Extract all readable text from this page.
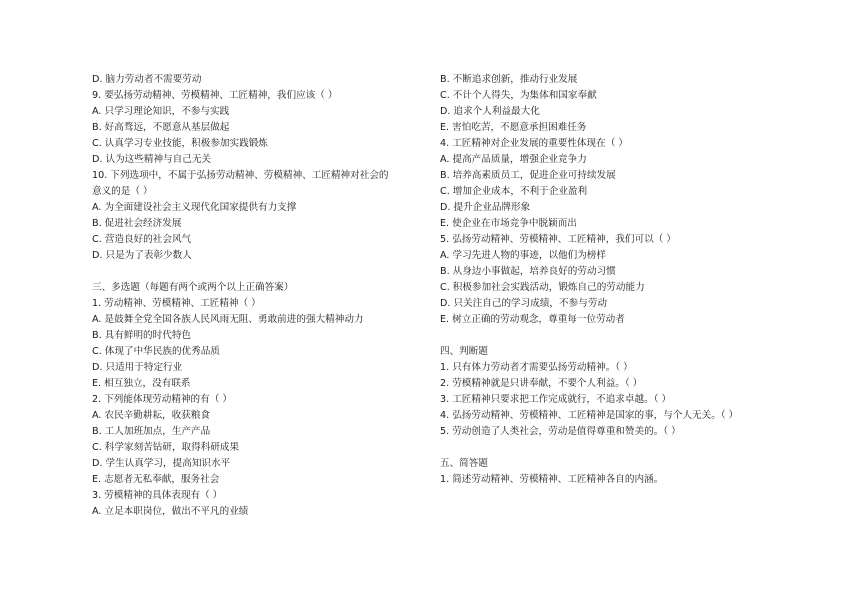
D. 脑力劳动者不需要劳动
9. 要弘扬劳动精神、劳模精神、工匠精神，我们应该（ ）
A. 只学习理论知识，不参与实践
B. 好高骛远，不愿意从基层做起
C. 认真学习专业技能，积极参加实践锻炼
D. 认为这些精神与自己无关
10. 下列选项中，不属于弘扬劳动精神、劳模精神、工匠精神对社会的
意义的是（ ）
A. 为全面建设社会主义现代化国家提供有力支撑
B. 促进社会经济发展
C. 营造良好的社会风气
D. 只是为了表彰少数人
三、多选题（每题有两个或两个以上正确答案）
1. 劳动精神、劳模精神、工匠精神（ ）
A. 是鼓舞全党全国各族人民风雨无阻、勇敢前进的强大精神动力
B. 具有鲜明的时代特色
C. 体现了中华民族的优秀品质
D. 只适用于特定行业
E. 相互独立，没有联系
2. 下列能体现劳动精神的有（ ）
A. 农民辛勤耕耘，收获粮食
B. 工人加班加点，生产产品
C. 科学家刻苦钻研，取得科研成果
D. 学生认真学习，提高知识水平
E. 志愿者无私奉献，服务社会
3. 劳模精神的具体表现有（ ）
A. 立足本职岗位，做出不平凡的业绩
B. 不断追求创新，推动行业发展
C. 不计个人得失，为集体和国家奉献
D. 追求个人利益最大化
E. 害怕吃苦，不愿意承担困难任务
4. 工匠精神对企业发展的重要性体现在（ ）
A. 提高产品质量，增强企业竞争力
B. 培养高素质员工，促进企业可持续发展
C. 增加企业成本，不利于企业盈利
D. 提升企业品牌形象
E. 使企业在市场竞争中脱颖而出
5. 弘扬劳动精神、劳模精神、工匠精神，我们可以（ ）
A. 学习先进人物的事迹，以他们为榜样
B. 从身边小事做起，培养良好的劳动习惯
C. 积极参加社会实践活动，锻炼自己的劳动能力
D. 只关注自己的学习成绩，不参与劳动
E. 树立正确的劳动观念，尊重每一位劳动者
四、判断题
1. 只有体力劳动者才需要弘扬劳动精神。（ ）
2. 劳模精神就是只讲奉献，不要个人利益。（ ）
3. 工匠精神只要求把工作完成就行，不追求卓越。（ ）
4. 弘扬劳动精神、劳模精神、工匠精神是国家的事，与个人无关。（ ）
5. 劳动创造了人类社会，劳动是值得尊重和赞美的。（ ）
五、简答题
1. 简述劳动精神、劳模精神、工匠精神各自的内涵。
